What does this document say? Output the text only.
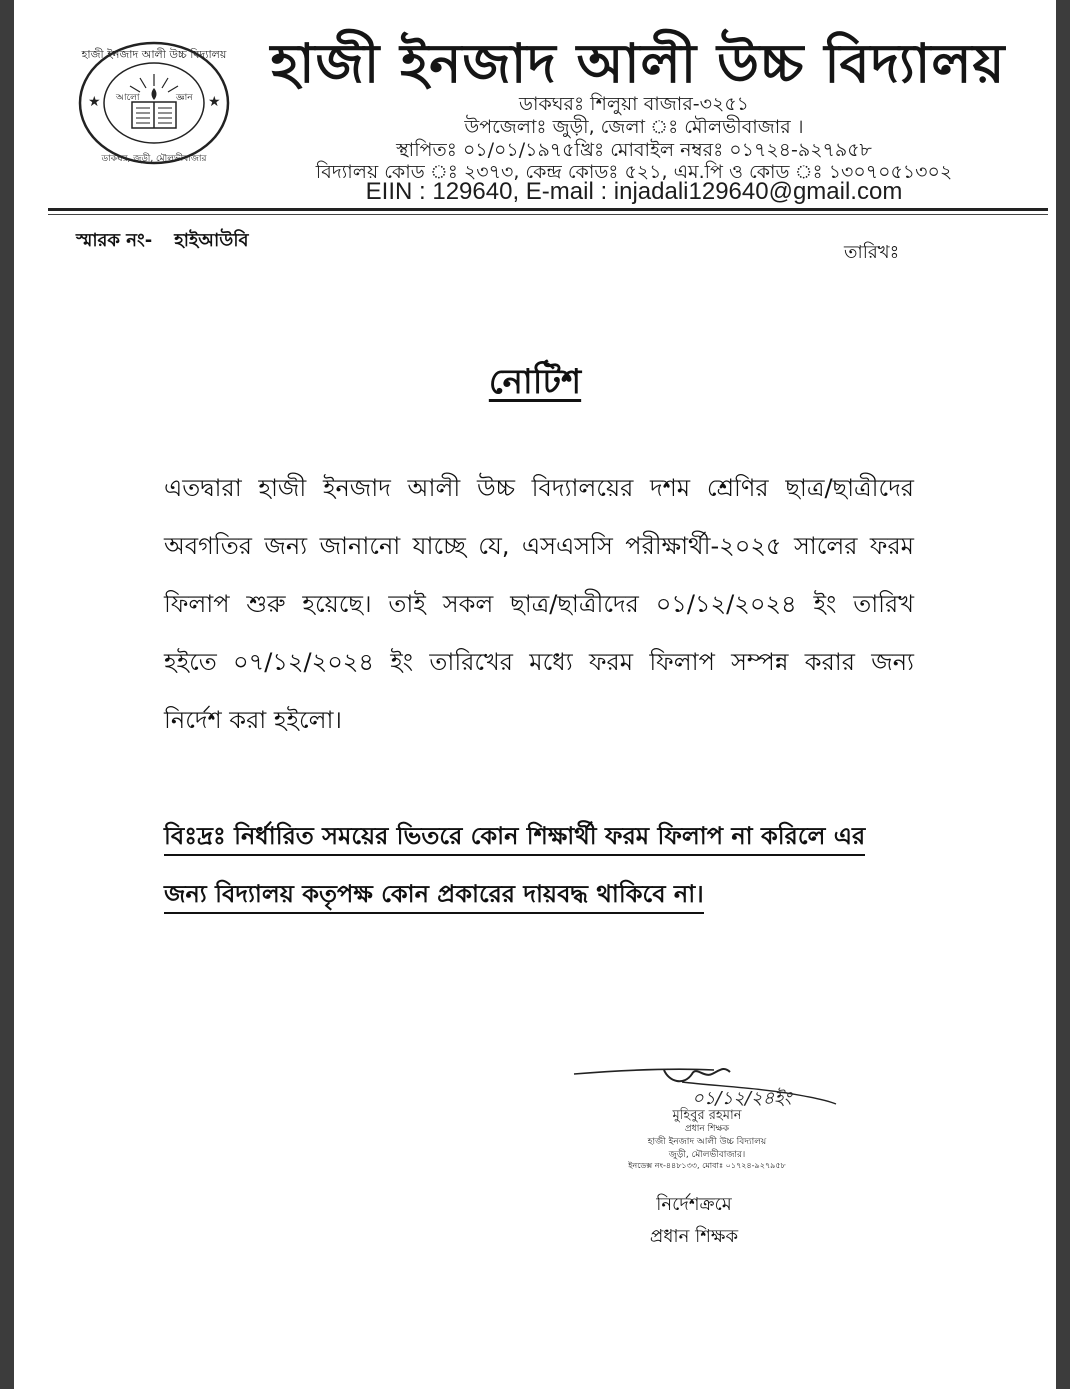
হাজী ইনজাদ আলী উচ্চ বিদ্যালয়
ডাকঘর, জুড়ী, মৌলভীবাজার
★	★
আলো	জ্ঞান
হাজী ইনজাদ আলী উচ্চ বিদ্যালয়
ডাকঘরঃ শিলুয়া বাজার-৩২৫১
উপজেলাঃ জুড়ী, জেলা ঃ মৌলভীবাজার ।
স্থাপিতঃ ০১/০১/১৯৭৫খ্রিঃ মোবাইল নম্বরঃ ০১৭২৪-৯২৭৯৫৮
বিদ্যালয় কোড ঃ ২৩৭৩, কেন্দ্র কোডঃ ৫২১, এম.পি ও কোড ঃ ১৩০৭০৫১৩০২
EIIN : 129640, E-mail : injadali129640@gmail.com
স্মারক নং- হাইআউবি
তারিখঃ
নোটিশ
এতদ্বারা হাজী ইনজাদ আলী উচ্চ বিদ্যালয়ের দশম শ্রেণির ছাত্র/ছাত্রীদের
অবগতির জন্য জানানো যাচ্ছে যে, এসএসসি পরীক্ষার্থী-২০২৫ সালের ফরম
ফিলাপ শুরু হয়েছে। তাই সকল ছাত্র/ছাত্রীদের ০১/১২/২০২৪ ইং তারিখ
হইতে ০৭/১২/২০২৪ ইং তারিখের মধ্যে ফরম ফিলাপ সম্পন্ন করার জন্য
নির্দেশ করা হইলো।
বিঃদ্রঃ নির্ধারিত সময়ের ভিতরে কোন শিক্ষার্থী ফরম ফিলাপ না করিলে এর
জন্য বিদ্যালয় কতৃপক্ষ কোন প্রকারের দায়বদ্ধ থাকিবে না।
০১/১২/২৪ইং
মুহিবুর রহমান
প্রধান শিক্ষক
হাজী ইনজাদ আলী উচ্চ বিদ্যালয়
জুড়ী, মৌলভীবাজার।
ইনডেক্স নং-৪৪৮১৩৩, মোবাঃ ০১৭২৪-৯২৭৯৫৮
নির্দেশক্রমে
প্রধান শিক্ষক
